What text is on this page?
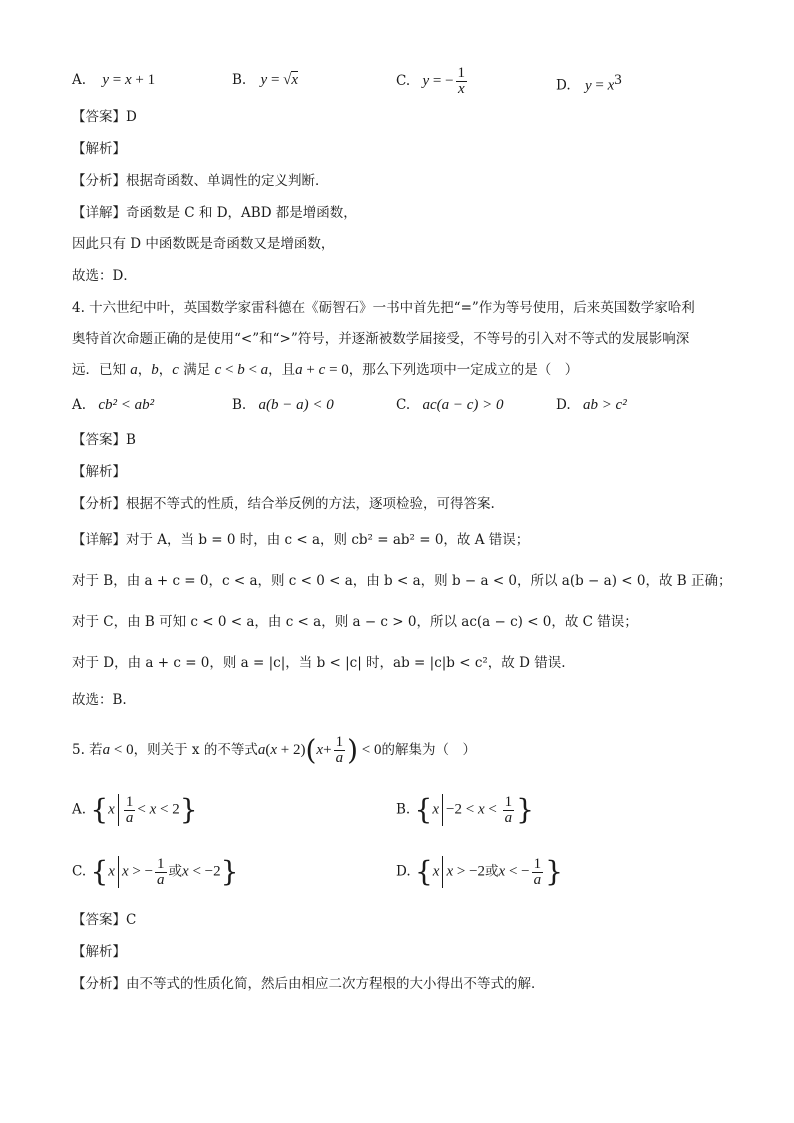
A. y = x + 1	B. y = √x	C. y = − $\frac{1}{x}$	D. $y = x^3$
【答案】D
【解析】
【分析】根据奇函数、单调性的定义判断．
【详解】奇函数是 C 和 D，ABD 都是增函数，
因此只有 D 中函数既是奇函数又是增函数，
故选：D．
4. 十六世纪中叶，英国数学家雷科德在《砺智石》一书中首先把“=”作为等号使用，后来英国数学家哈利
奥特首次命题正确的是使用“<”和“>”符号，并逐渐被数学届接受，不等号的引入对不等式的发展影响深
远．已知 a，b，c 满足 c < b < a，且a + c = 0，那么下列选项中一定成立的是（　）
A. cb² < ab²	B. a(b − a) < 0	C. ac(a − c) > 0	D. ab > c²
【答案】B
【解析】
【分析】根据不等式的性质，结合举反例的方法，逐项检验，可得答案.
【详解】对于 A，当 b = 0 时，由 c < a，则 cb² = ab² = 0，故 A 错误；
对于 B，由 a + c = 0，c < a，则 c < 0 < a，由 b < a，则 b − a < 0，所以 a(b − a) < 0，故 B 正确；
对于 C，由 B 可知 c < 0 < a，由 c < a，则 a − c > 0，所以 ac(a − c) < 0，故 C 错误；
对于 D，由 a + c = 0，则 a = |c|，当 b < |c| 时，ab = |c|b < c²，故 D 错误.
故选：B.
5. 若a < 0，则关于 x 的不等式$a(x + 2)(x+ \frac{1}{a}$ ) < 0的解集为（　）
A. $\{x \frac{1}{a} < x < 2\}$	B. {$x -2 < x < \frac{1}{a}$ }
C. {x x > − $\frac{1}{a}$ 或x < −2}	D. {x x > −2或x < − $\frac{1}{a}$ }
【答案】C
【解析】
【分析】由不等式的性质化简，然后由相应二次方程根的大小得出不等式的解．
